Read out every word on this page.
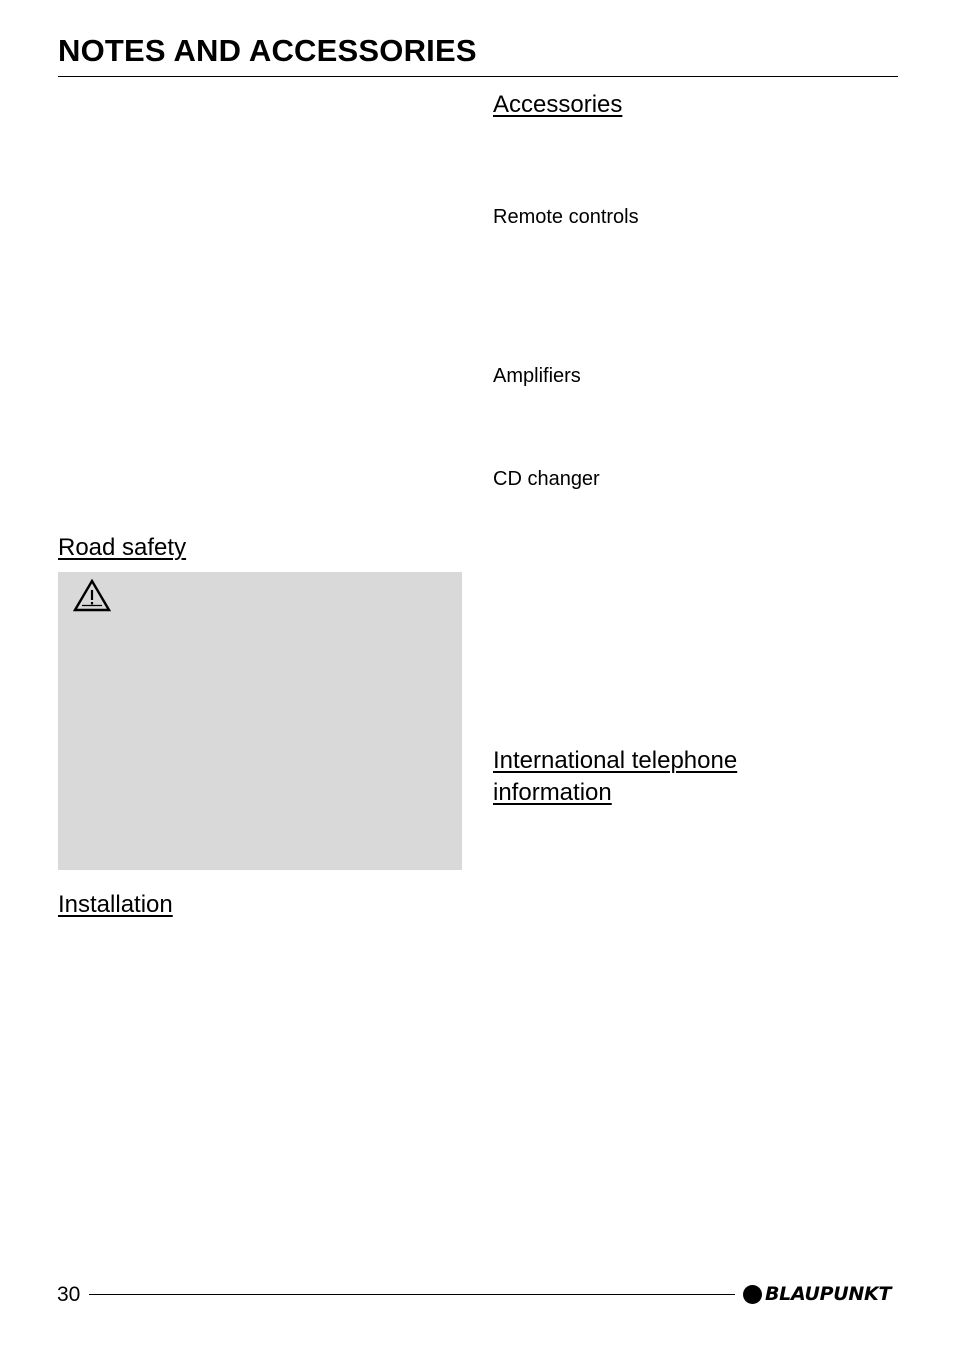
NOTES AND ACCESSORIES
Accessories
Remote controls
Amplifiers
CD changer
International telephone
information
Road safety
Installation
30	BLAUPUNKT
